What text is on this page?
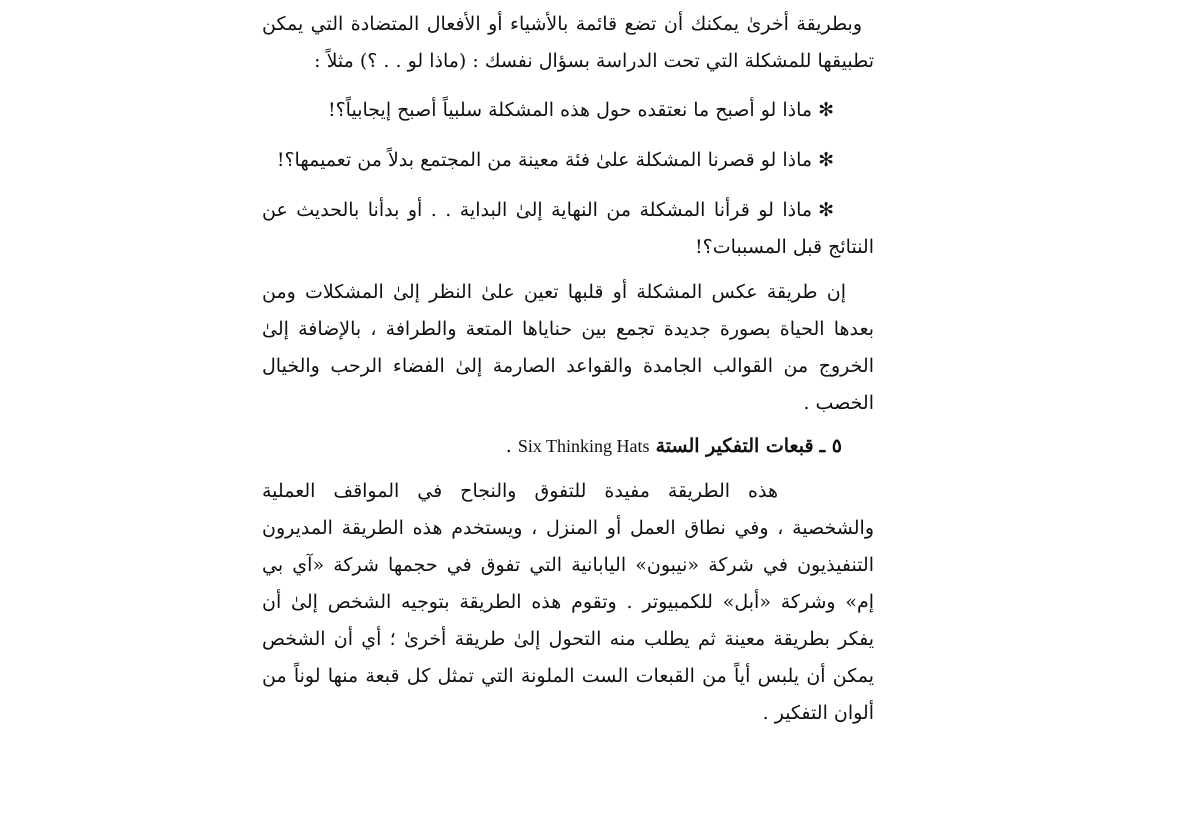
وبطريقة أخرىٰ يمكنك أن تضع قائمة بالأشياء أو الأفعال المتضادة التي يمكن تطبيقها للمشكلة التي تحت الدراسة بسؤال نفسك : (ماذا لو . . ؟) مثلاً :

✻ماذا لو أصبح ما نعتقده حول هذه المشكلة سلبياً أصبح إيجابياً؟!

✻ماذا لو قصرنا المشكلة علىٰ فئة معينة من المجتمع بدلاً من تعميمها؟!

✻ماذا لو قرأنا المشكلة من النهاية إلىٰ البداية . . أو بدأنا بالحديث عن النتائج قبل المسببات؟!

إن طريقة عكس المشكلة أو قلبها تعين علىٰ النظر إلىٰ المشكلات ومن بعدها الحياة بصورة جديدة تجمع بين حناياها المتعة والطرافة ، بالإضافة إلىٰ الخروج من القوالب الجامدة والقواعد الصارمة إلىٰ الفضاء الرحب والخيال الخصب .

٥ ـ قبعات التفكير الستة Six Thinking Hats .

هذه الطريقة مفيدة للتفوق والنجاح في المواقف العملية والشخصية ، وفي نطاق العمل أو المنزل ، ويستخدم هذه الطريقة المديرون التنفيذيون في شركة «نيبون» اليابانية التي تفوق في حجمها شركة «آي بي إم» وشركة «أبل» للكمبيوتر . وتقوم هذه الطريقة بتوجيه الشخص إلىٰ أن يفكر بطريقة معينة ثم يطلب منه التحول إلىٰ طريقة أخرىٰ ؛ أي أن الشخص يمكن أن يلبس أياً من القبعات الست الملونة التي تمثل كل قبعة منها لوناً من ألوان التفكير .
